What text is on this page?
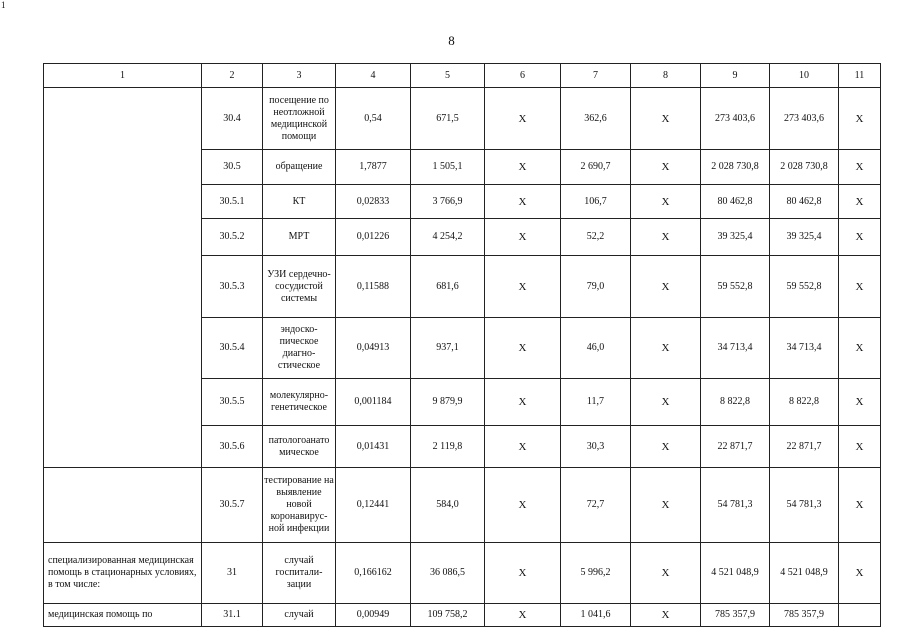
1
8
1	2	3	4	5	6	7	8	9	10	11
	30.4	посещение по неотложной медицинской помощи	0,54	671,5	X	362,6	X	273 403,6	273 403,6	X
	30.5	обращение	1,7877	1 505,1	X	2 690,7	X	2 028 730,8	2 028 730,8	X
	30.5.1	КТ	0,02833	3 766,9	X	106,7	X	80 462,8	80 462,8	X
	30.5.2	МРТ	0,01226	4 254,2	X	52,2	X	39 325,4	39 325,4	X
	30.5.3	УЗИ сердечно-сосудистой системы	0,11588	681,6	X	79,0	X	59 552,8	59 552,8	X
	30.5.4	эндоско-пическое диагно-стическое	0,04913	937,1	X	46,0	X	34 713,4	34 713,4	X
	30.5.5	молекулярно-генетическое	0,001184	9 879,9	X	11,7	X	8 822,8	8 822,8	X
	30.5.6	патологоанато мическое	0,01431	2 119,8	X	30,3	X	22 871,7	22 871,7	X
	30.5.7	тестирование на выявление новой коронавирус-ной инфекции	0,12441	584,0	X	72,7	X	54 781,3	54 781,3	X
специализированная медицинская помощь в стационарных условиях, в том числе:	31	случай госпитали-зации	0,166162	36 086,5	X	5 996,2	X	4 521 048,9	4 521 048,9	X
медицинская помощь по	31.1	случай	0,00949	109 758,2	X	1 041,6	X	785 357,9	785 357,9	
